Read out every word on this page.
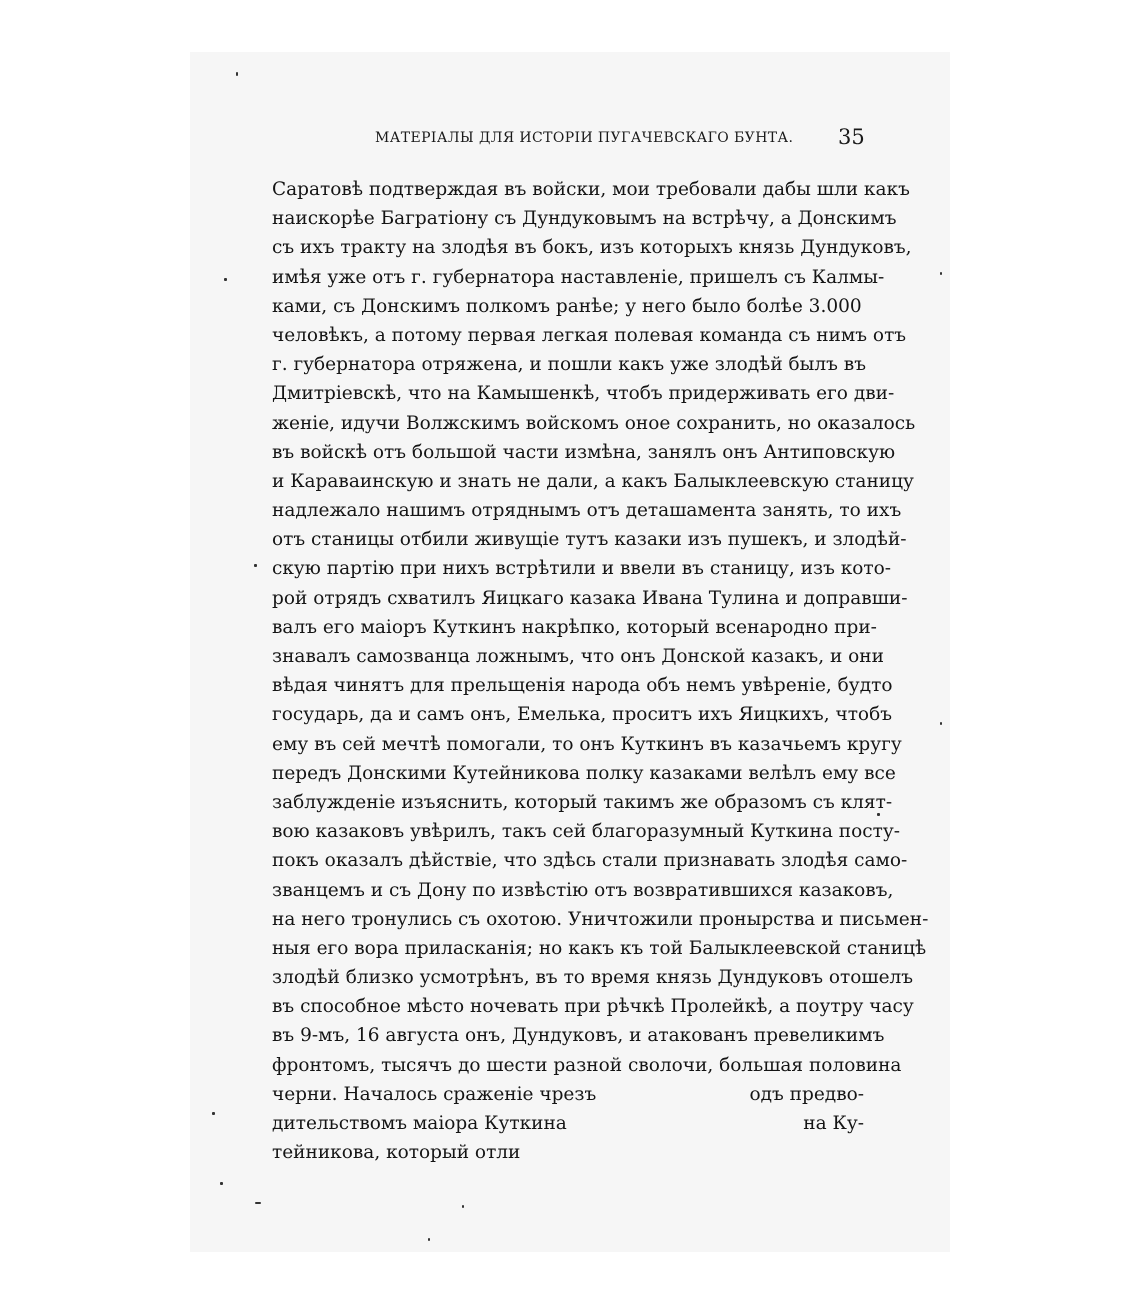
МАТЕРІАЛЫ ДЛЯ ИСТОРІИ ПУГАЧЕВСКАГО БУНТА. 35
Саратовѣ подтверждая въ войски, мои требовали дабы шли какъ
наискорѣе Багратіону съ Дундуковымъ на встрѣчу, а Донскимъ
съ ихъ тракту на злодѣя въ бокъ, изъ которыхъ князь Дундуковъ,
имѣя уже отъ г. губернатора наставленіе, пришелъ съ Калмы-
ками, съ Донскимъ полкомъ ранѣе; у него было болѣе 3.000
человѣкъ, а потому первая легкая полевая команда съ нимъ отъ
г. губернатора отряжена, и пошли какъ уже злодѣй былъ въ
Дмитріевскѣ, что на Камышенкѣ, чтобъ придерживать его дви-
женіе, идучи Волжскимъ войскомъ оное сохранить, но оказалось
въ войскѣ отъ большой части измѣна, занялъ онъ Антиповскую
и Караваинскую и знать не дали, а какъ Балыклеевскую станицу
надлежало нашимъ отряднымъ отъ деташамента занять, то ихъ
отъ станицы отбили живущіе тутъ казаки изъ пушекъ, и злодѣй-
скую партію при нихъ встрѣтили и ввели въ станицу, изъ кото-
рой отрядъ схватилъ Яицкаго казака Ивана Тулина и доправши-
валъ его маіоръ Куткинъ накрѣпко, который всенародно при-
знавалъ самозванца ложнымъ, что онъ Донской казакъ, и они
вѣдая чинятъ для прельщенія народа объ немъ увѣреніе, будто
государь, да и самъ онъ, Емелька, проситъ ихъ Яицкихъ, чтобъ
ему въ сей мечтѣ помогали, то онъ Куткинъ въ казачьемъ кругу
передъ Донскими Кутейникова полку казаками велѣлъ ему все
заблужденіе изъяснить, который такимъ же образомъ съ клят-
вою казаковъ увѣрилъ, такъ сей благоразумный Куткина посту-
покъ оказалъ дѣйствіе, что здѣсь стали признавать злодѣя само-
званцемъ и съ Дону по извѣстію отъ возвратившихся казаковъ,
на него тронулись съ охотою. Уничтожили пронырства и письмен-
ныя его вора приласканія; но какъ къ той Балыклеевской станицѣ
злодѣй близко усмотрѣнъ, въ то время князь Дундуковъ отошелъ
въ способное мѣсто ночевать при рѣчкѣ Пролейкѣ, а поутру часу
въ 9-мъ, 16 августа онъ, Дундуковъ, и атакованъ превеликимъ
фронтомъ, тысячъ до шести разной сволочи, большая половина
черни. Началось сраженіе чрезъ	одъ предво-
дительствомъ маіора Куткина	на Ку-
тейникова, который отли
